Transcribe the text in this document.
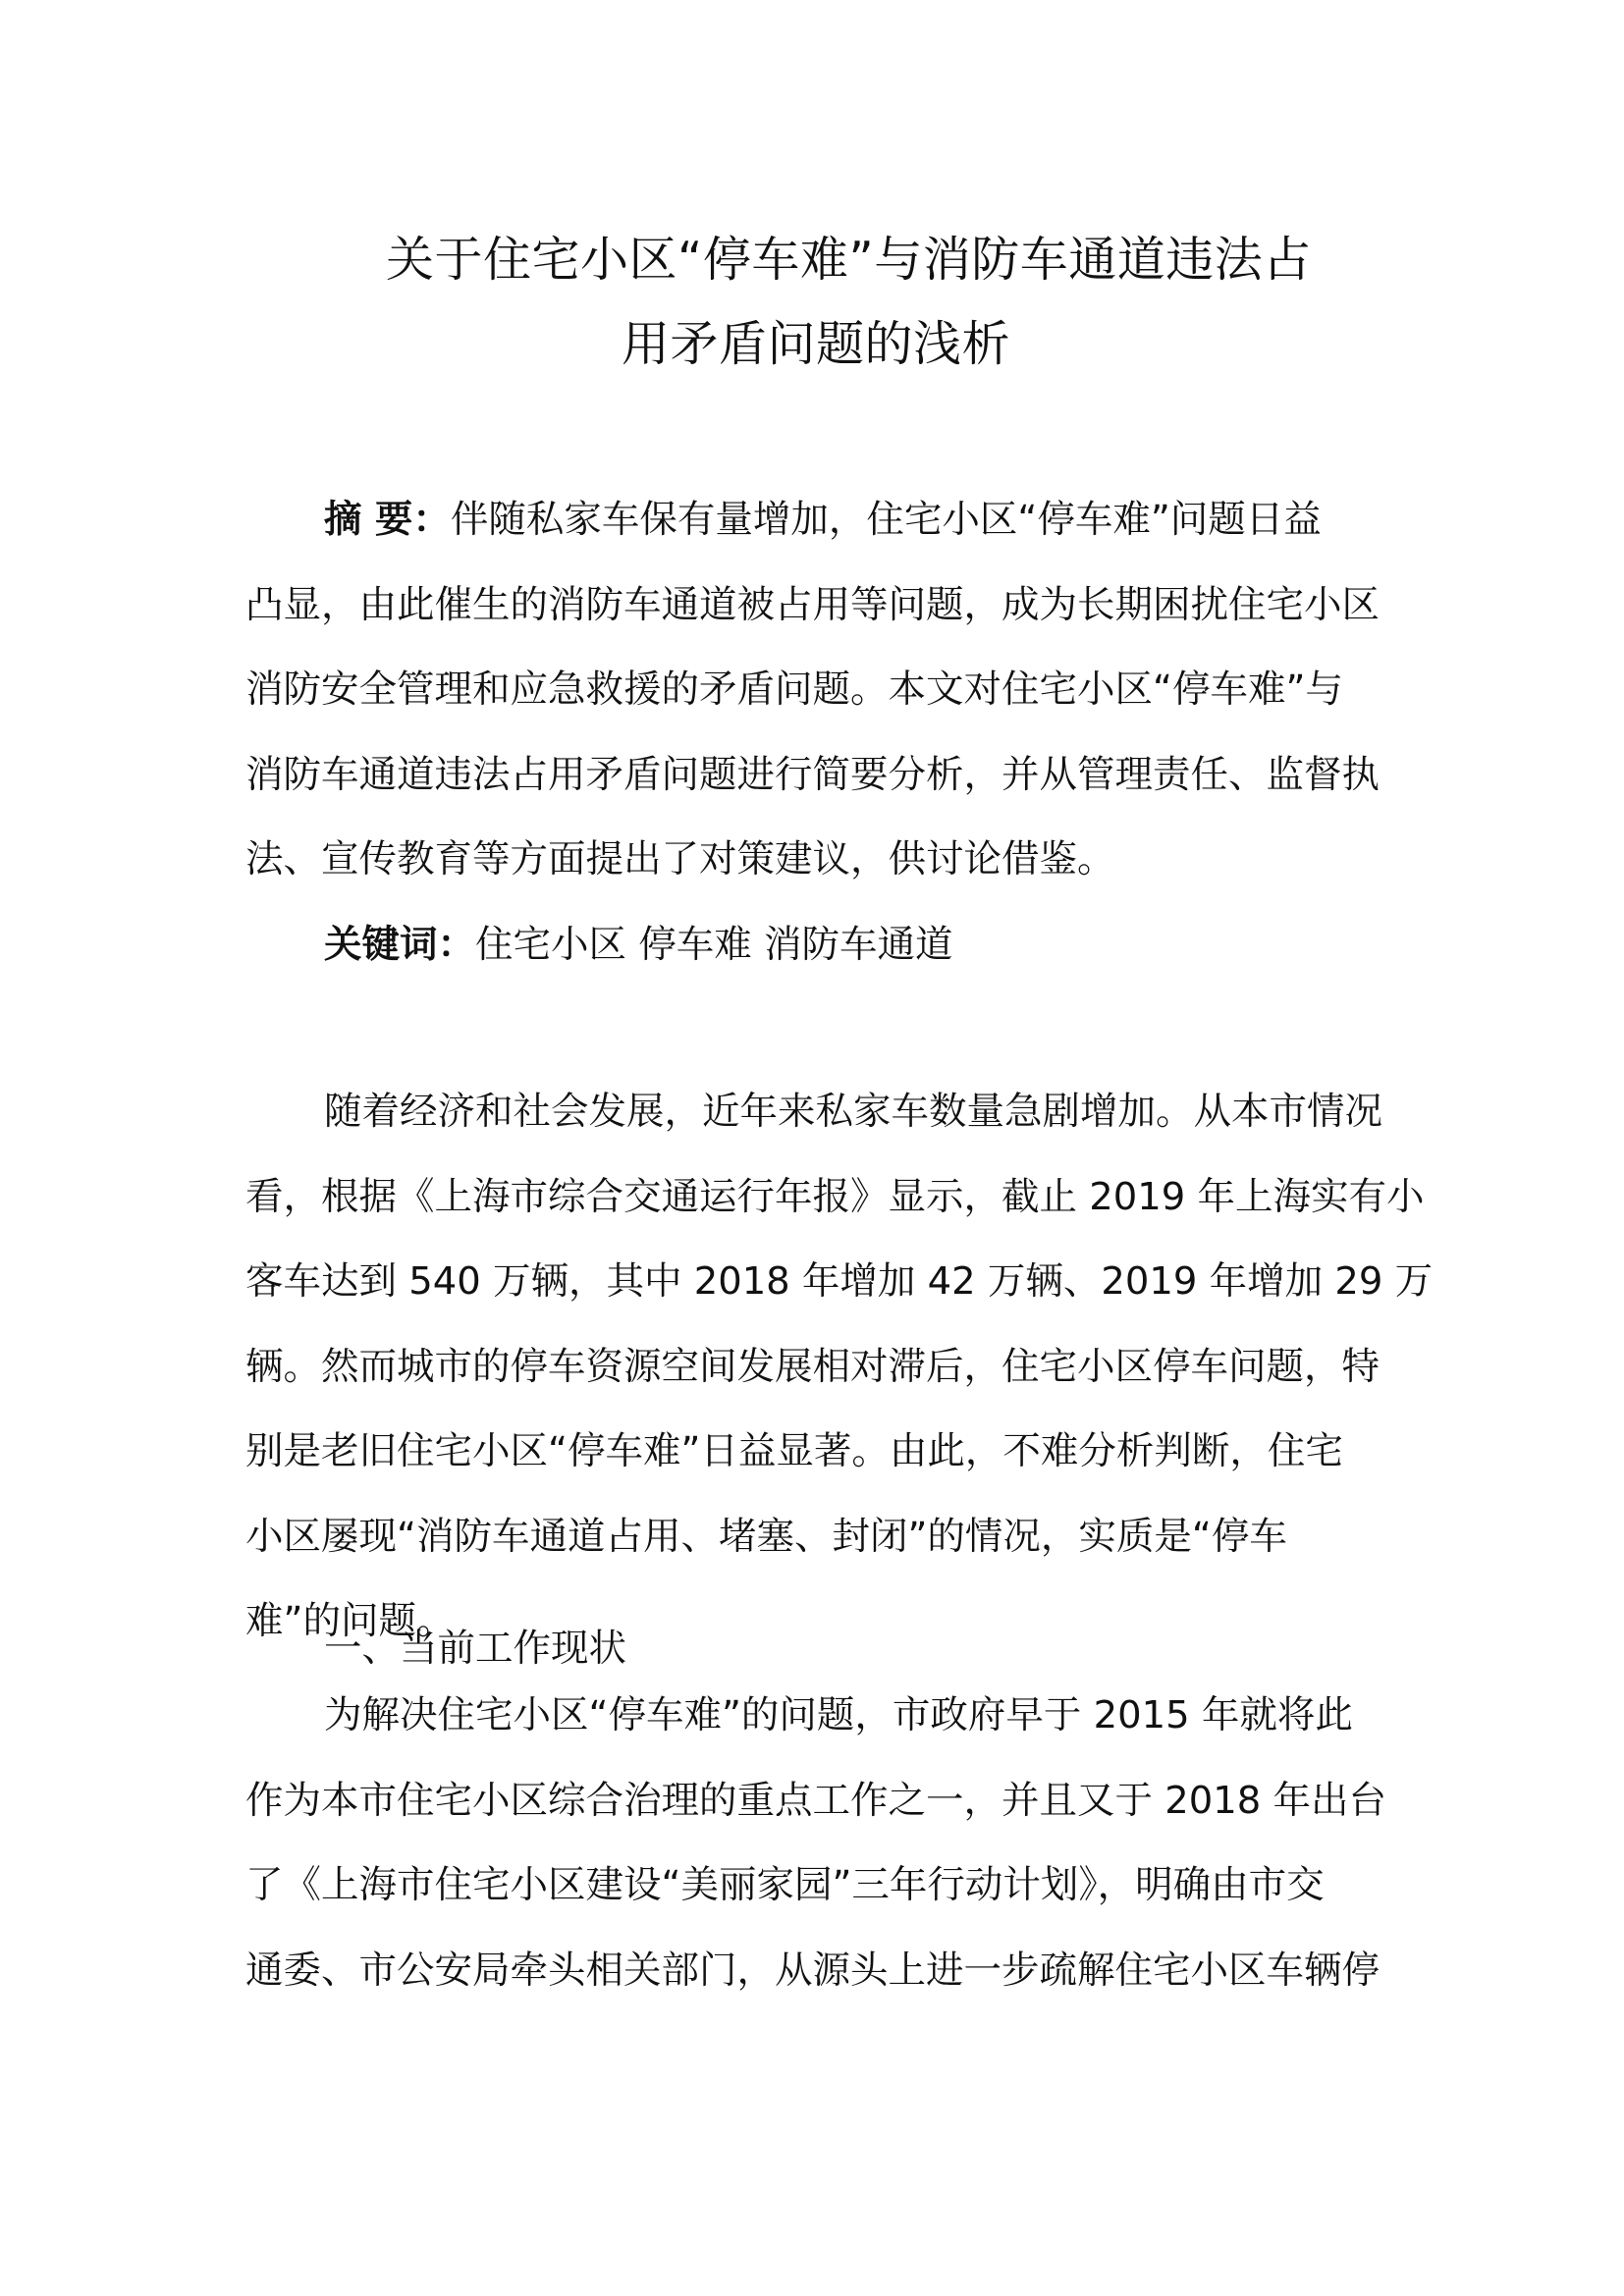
关于住宅小区“停车难”与消防车通道违法占
用矛盾问题的浅析
摘 要：伴随私家车保有量增加，住宅小区“停车难”问题日益
凸显，由此催生的消防车通道被占用等问题，成为长期困扰住宅小区
消防安全管理和应急救援的矛盾问题。本文对住宅小区“停车难”与
消防车通道违法占用矛盾问题进行简要分析，并从管理责任、监督执
法、宣传教育等方面提出了对策建议，供讨论借鉴。
关键词：住宅小区 停车难 消防车通道
随着经济和社会发展，近年来私家车数量急剧增加。从本市情况
看，根据《上海市综合交通运行年报》显示，截止 2019 年上海实有小
客车达到 540 万辆，其中 2018 年增加 42 万辆、2019 年增加 29 万
辆。然而城市的停车资源空间发展相对滞后，住宅小区停车问题，特
别是老旧住宅小区“停车难”日益显著。由此，不难分析判断，住宅
小区屡现“消防车通道占用、堵塞、封闭”的情况，实质是“停车
难”的问题。
一、当前工作现状
为解决住宅小区“停车难”的问题，市政府早于 2015 年就将此
作为本市住宅小区综合治理的重点工作之一，并且又于 2018 年出台
了《上海市住宅小区建设“美丽家园”三年行动计划》，明确由市交
通委、市公安局牵头相关部门，从源头上进一步疏解住宅小区车辆停
